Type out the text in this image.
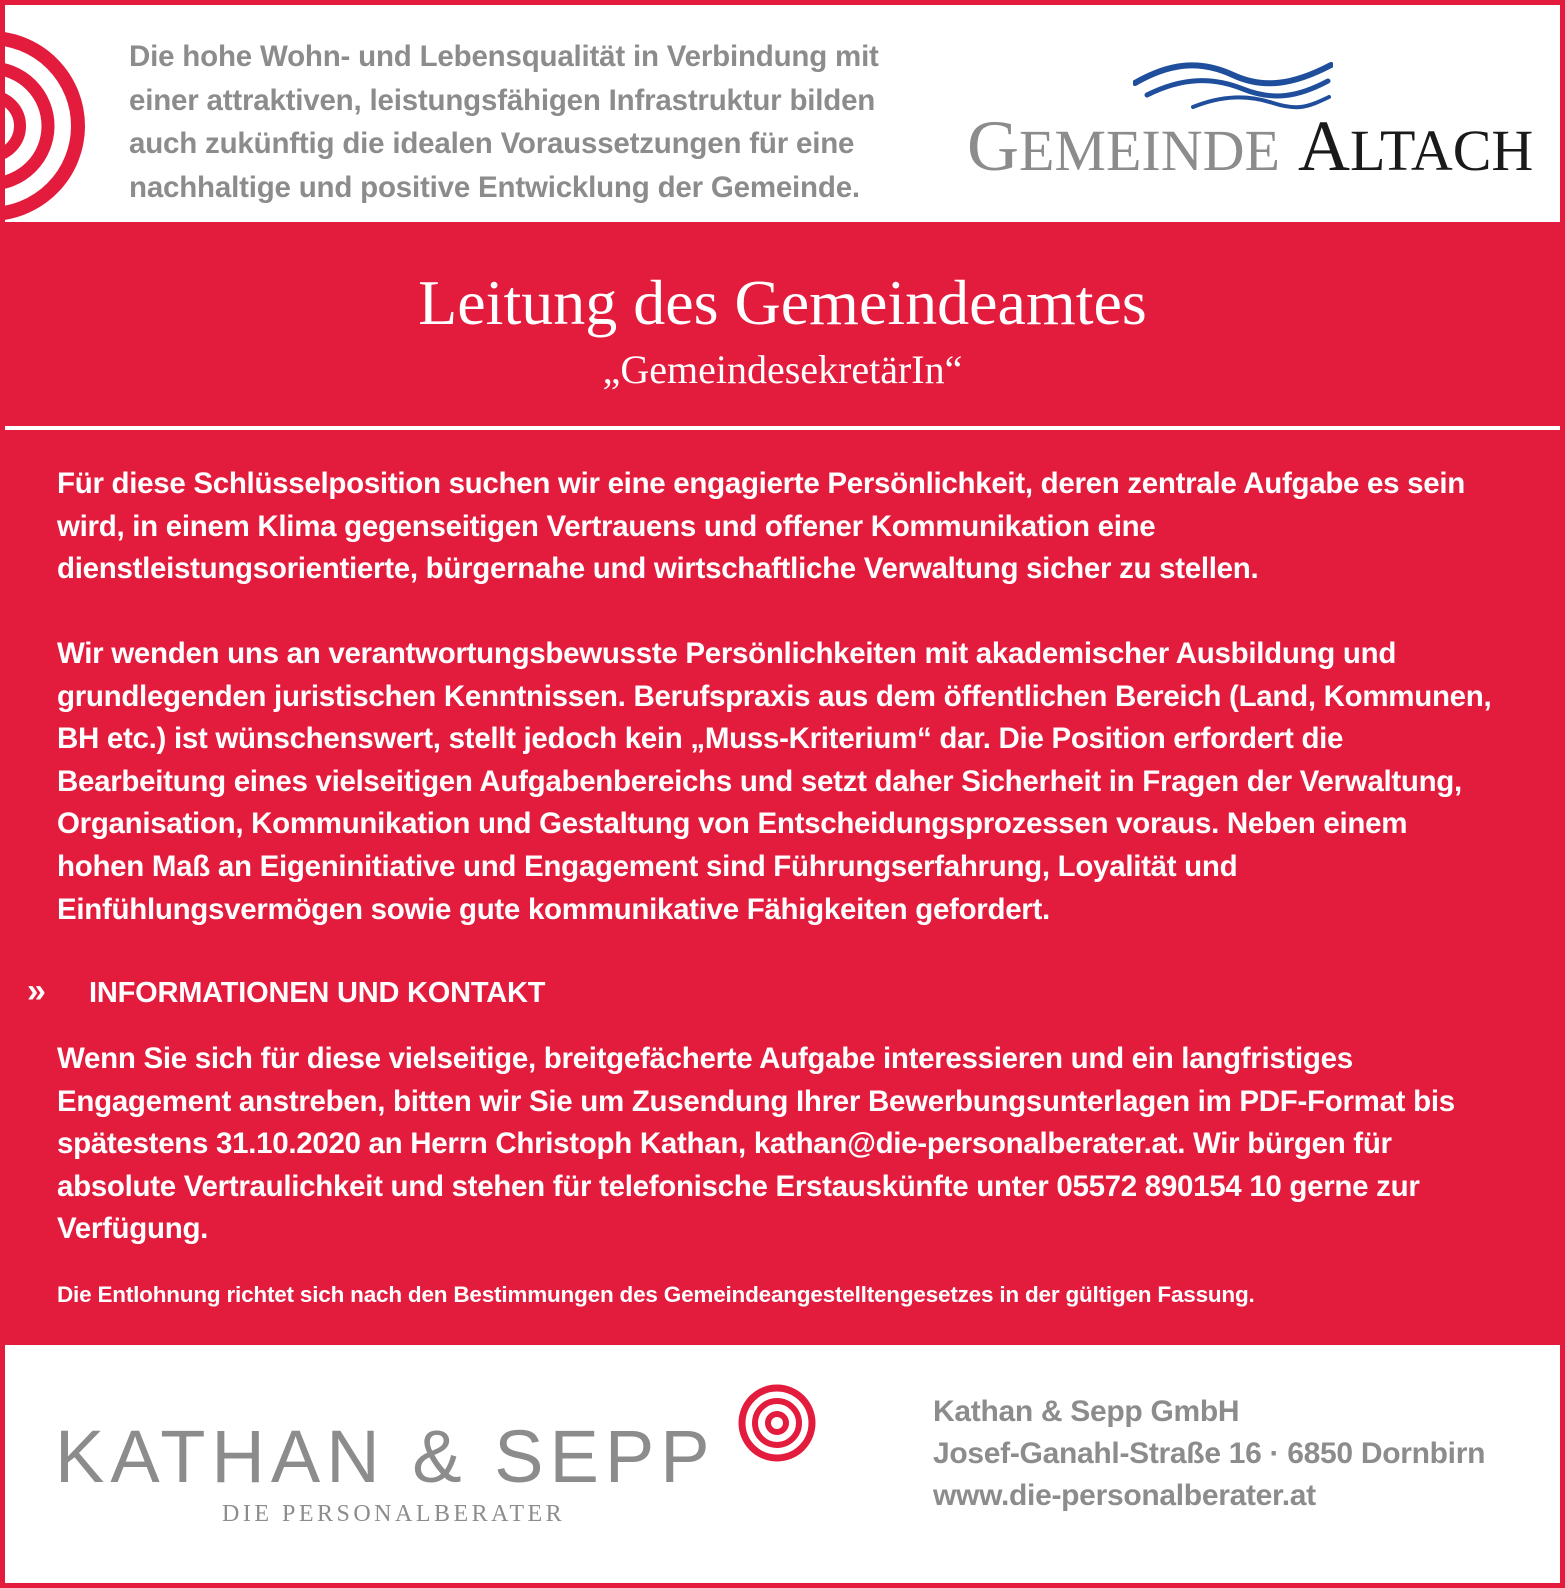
Die hohe Wohn- und Lebensqualität in Verbindung mit einer attraktiven, leistungsfähigen Infrastruktur bilden auch zukünftig die idealen Voraussetzungen für eine nachhaltige und positive Entwicklung der Gemeinde.

GEMEINDE ALTACH
Leitung des Gemeindeamtes
„GemeindesekretärIn“

Für diese Schlüsselposition suchen wir eine engagierte Persönlichkeit, deren zentrale Aufgabe es sein wird, in einem Klima gegenseitigen Vertrauens und offener Kommunikation eine dienstleistungsorientierte, bürgernahe und wirtschaftliche Verwaltung sicher zu stellen.

Wir wenden uns an verantwortungsbewusste Persönlichkeiten mit akademischer Ausbildung und grundlegenden juristischen Kenntnissen. Berufspraxis aus dem öffentlichen Bereich (Land, Kommunen, BH etc.) ist wünschenswert, stellt jedoch kein „Muss-Kriterium“ dar. Die Position erfordert die Bearbeitung eines vielseitigen Aufgabenbereichs und setzt daher Sicherheit in Fragen der Verwaltung, Organisation, Kommunikation und Gestaltung von Entscheidungsprozessen voraus. Neben einem hohen Maß an Eigeninitiative und Engagement sind Führungserfahrung, Loyalität und Einfühlungsvermögen sowie gute kommunikative Fähigkeiten gefordert.

» INFORMATIONEN UND KONTAKT

Wenn Sie sich für diese vielseitige, breitgefächerte Aufgabe interessieren und ein langfristiges Engagement anstreben, bitten wir Sie um Zusendung Ihrer Bewerbungsunterlagen im PDF-Format bis spätestens 31.10.2020 an Herrn Christoph Kathan, kathan@die-personalberater.at. Wir bürgen für absolute Vertraulichkeit und stehen für telefonische Erstauskünfte unter 05572 890154 10 gerne zur Verfügung.

Die Entlohnung richtet sich nach den Bestimmungen des Gemeindeangestelltengesetzes in der gültigen Fassung.
KATHAN & SEPP
DIE PERSONALBERATER
Kathan & Sepp GmbH
Josef-Ganahl-Straße 16 · 6850 Dornbirn
www.die-personalberater.at
